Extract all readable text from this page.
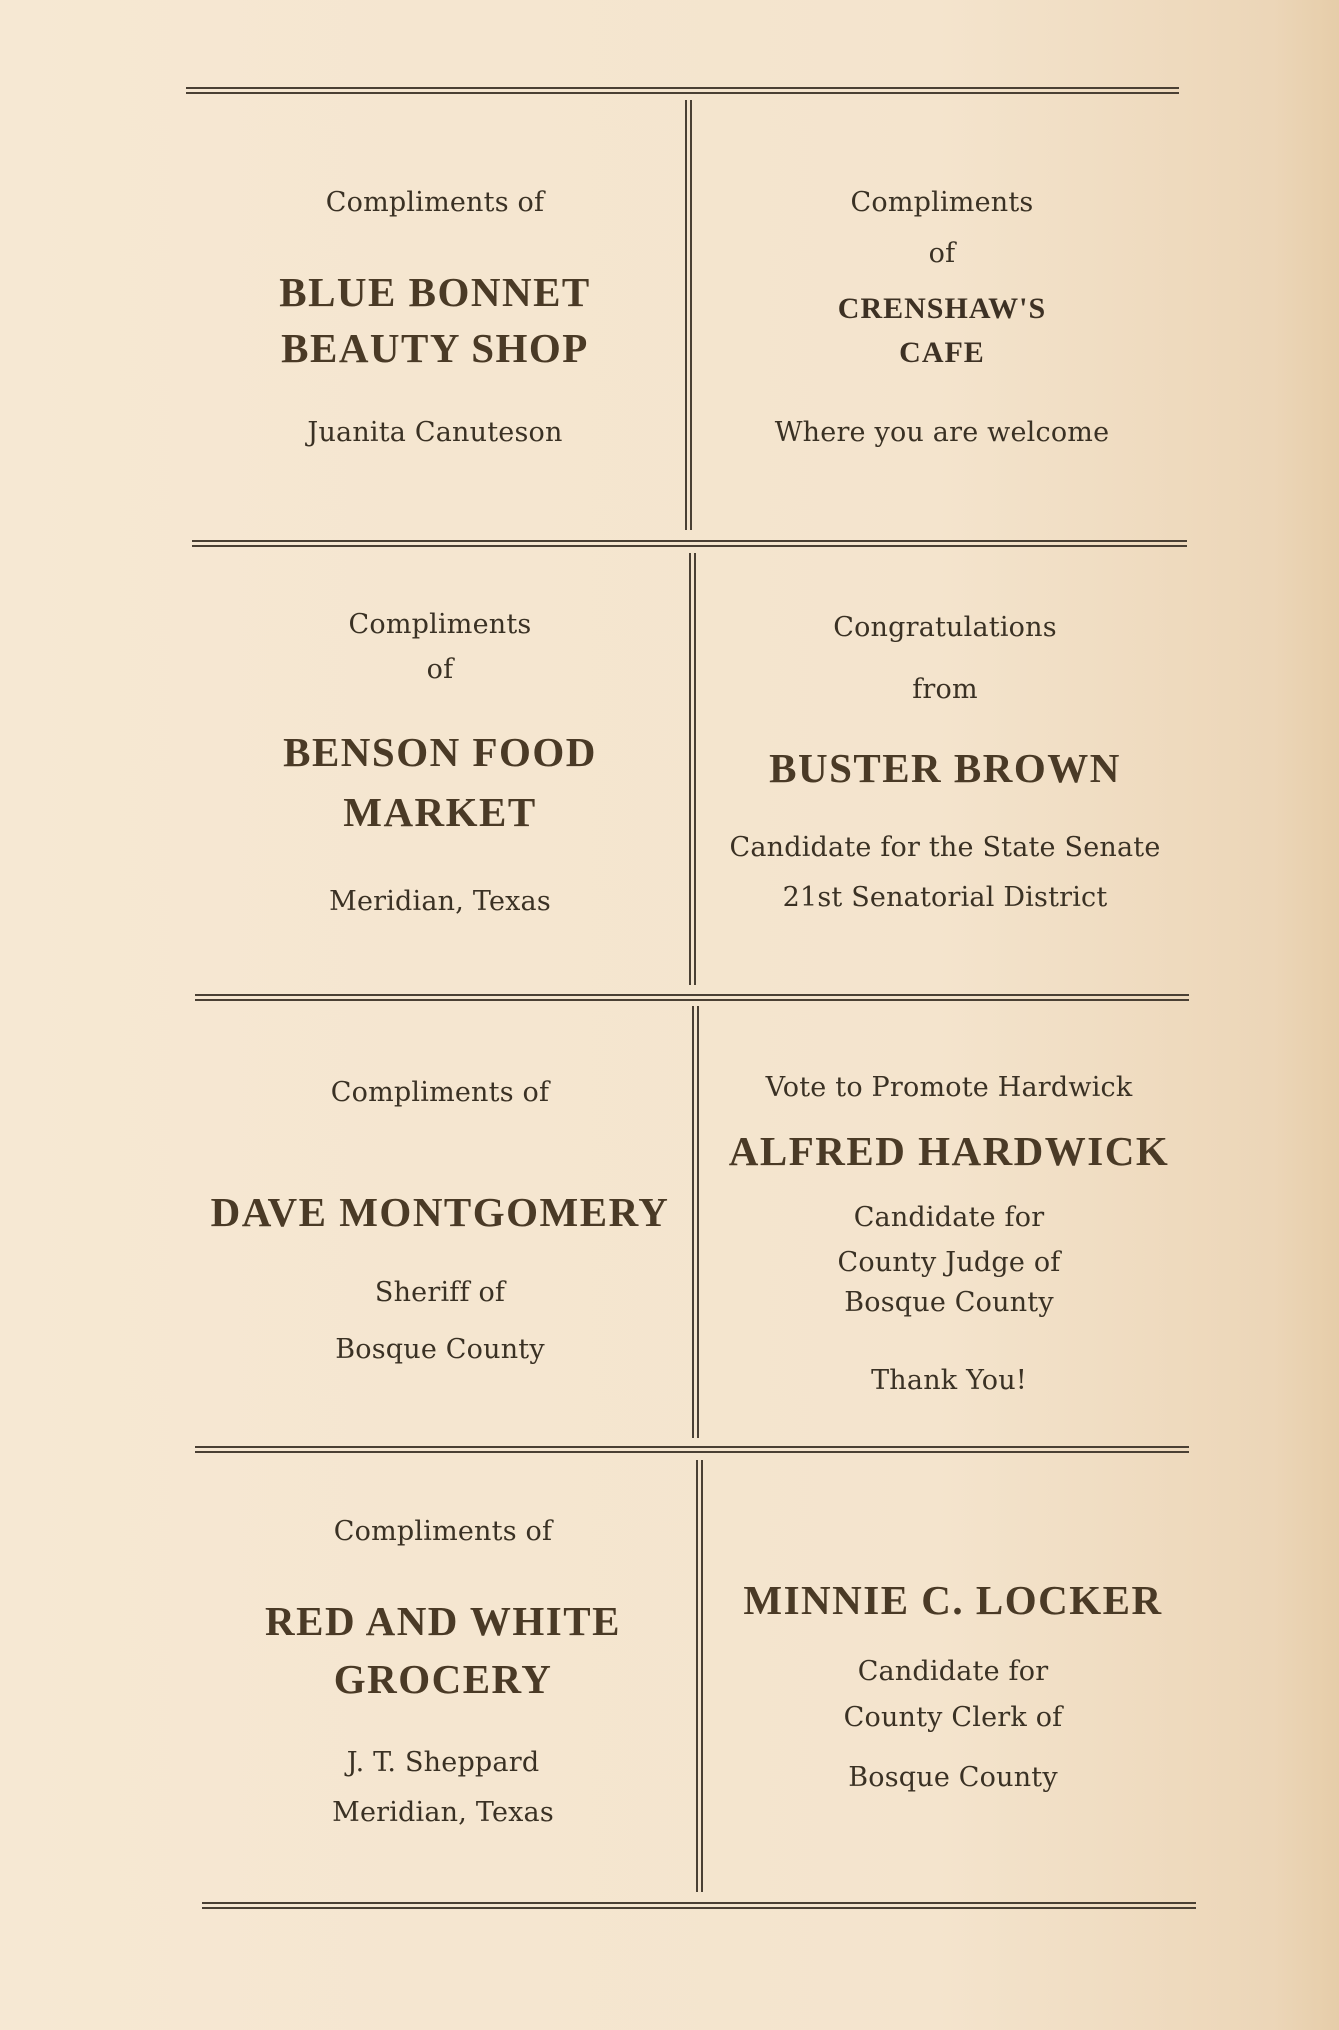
Compliments of
BLUE BONNET
BEAUTY SHOP
Juanita Canuteson
Compliments
of
CRENSHAW'S
CAFE
Where you are welcome
Compliments
of
BENSON FOOD
MARKET
Meridian, Texas
Congratulations
from
BUSTER BROWN
Candidate for the State Senate
21st Senatorial District
Compliments of
DAVE MONTGOMERY
Sheriff of
Bosque County
Vote to Promote Hardwick
ALFRED HARDWICK
Candidate for
County Judge of
Bosque County
Thank You!
Compliments of
RED AND WHITE
GROCERY
J. T. Sheppard
Meridian, Texas
MINNIE C. LOCKER
Candidate for
County Clerk of
Bosque County
